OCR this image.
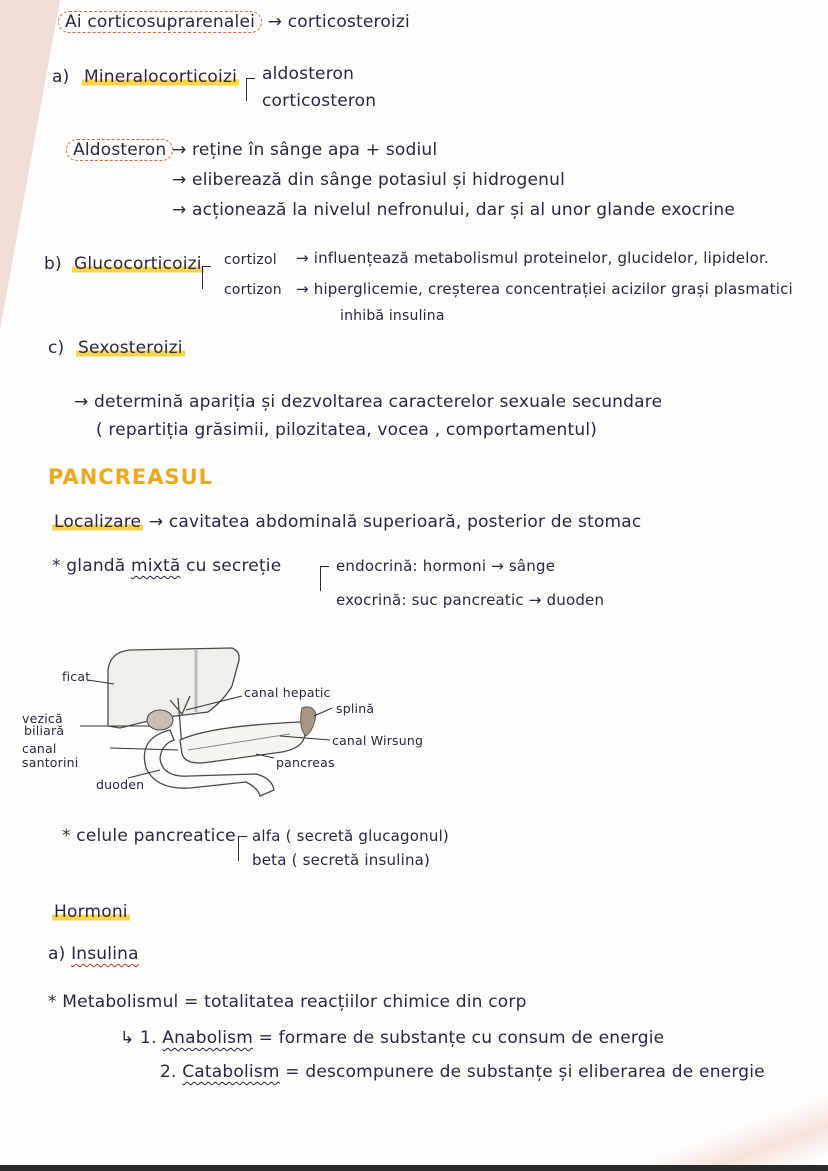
Ai corticosuprarenalei → corticosteroizi
a) Mineralocorticoizi aldosteron
corticosteron
Aldosteron → reține în sânge apa + sodiul
→ eliberează din sânge potasiul și hidrogenul
→ acționează la nivelul nefronului, dar și al unor glande exocrine
b) Glucocorticoizi cortizol
cortizon
→ influențează metabolismul proteinelor, glucidelor, lipidelor.
→ hiperglicemie, creșterea concentrației acizilor grași plasmatici
inhibă insulina
c) Sexosteroizi
→ determină apariția și dezvoltarea caracterelor sexuale secundare
( repartiția grăsimii, pilozitatea, vocea , comportamentul)
PANCREASUL
Localizare → cavitatea abdominală superioară, posterior de stomac
* glandă mixtă cu secreție	endocrină: hormoni → sânge
exocrină: suc pancreatic → duoden
ficat
vezică
biliară
canal
santorini
duoden
canal hepatic
splină
canal Wirsung
pancreas
* celule pancreatice alfa ( secretă glucagonul)
beta ( secretă insulina)
Hormoni
a) Insulina
* Metabolismul = totalitatea reacțiilor chimice din corp
↳ 1. Anabolism = formare de substanțe cu consum de energie
2. Catabolism = descompunere de substanțe și eliberarea de energie
